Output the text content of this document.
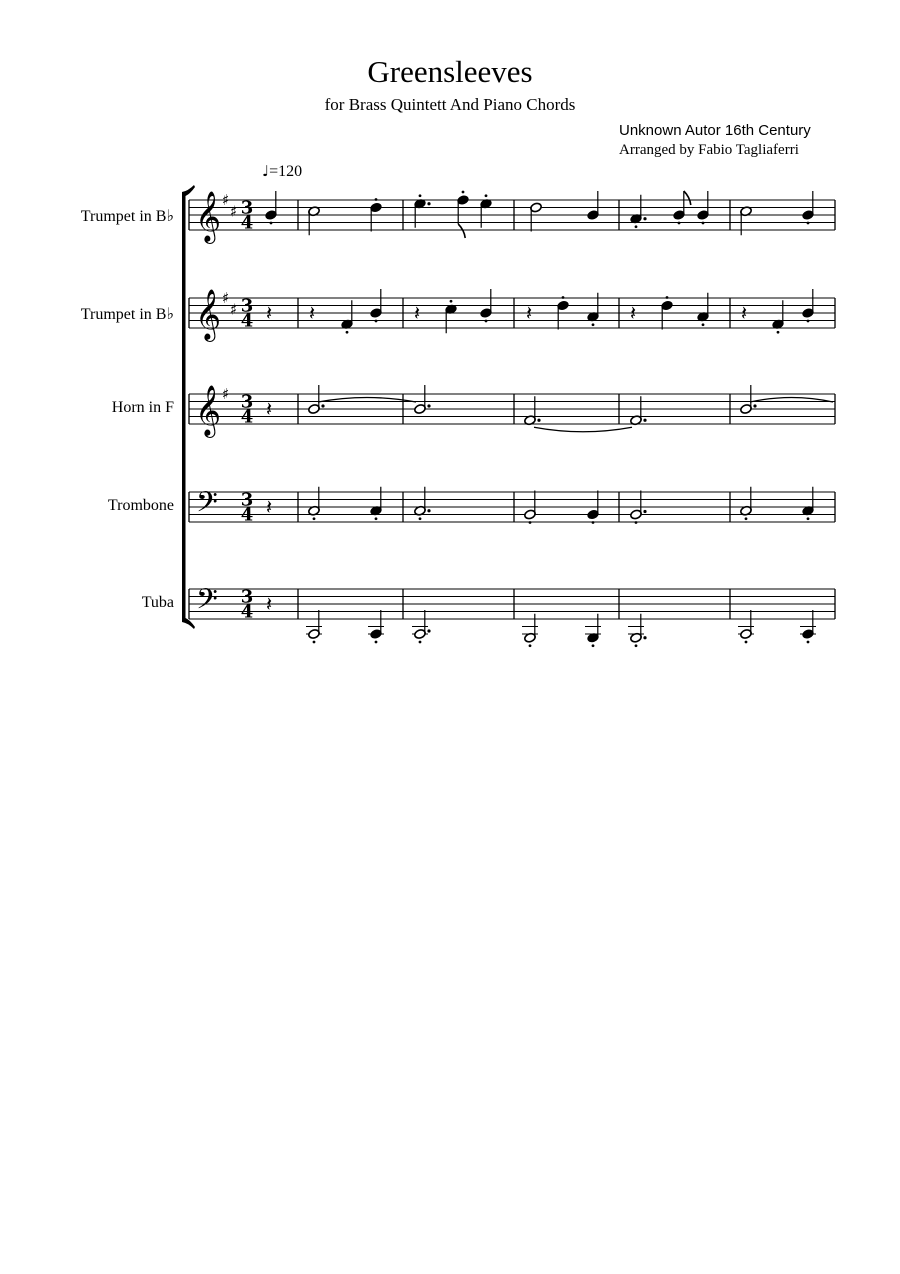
Greensleeves
for Brass Quintett And Piano Chords
Unknown Autor 16th Century
Arranged by Fabio Tagliaferri
♩=120
Trumpet in B♭
Trumpet in B♭
Horn in F
Trombone
Tuba
𝄞
𝄞
𝄞
𝄢
𝄢
♯
♯
♯
♯
♯
3
4
3
4
3
4
3
4
3
4
𝄽 𝄽	𝄽	𝄽	𝄽	𝄽
𝄽
𝄽
𝄽
